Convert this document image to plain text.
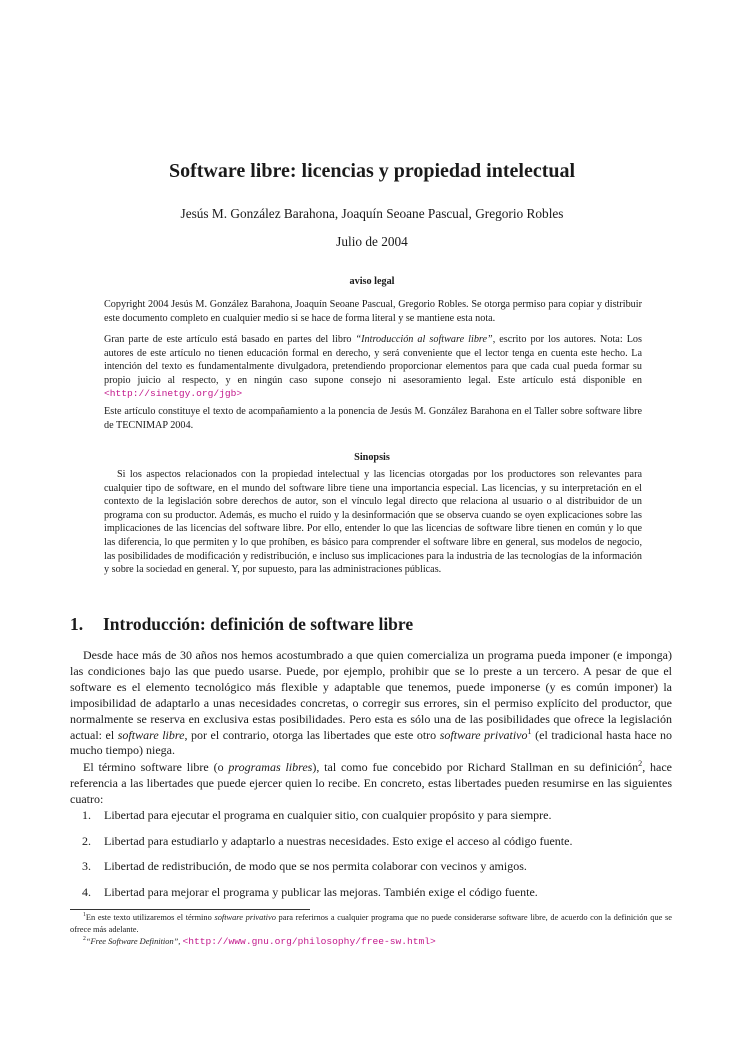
Software libre: licencias y propiedad intelectual
Jesús M. González Barahona, Joaquín Seoane Pascual, Gregorio Robles
Julio de 2004
aviso legal

Copyright 2004 Jesús M. González Barahona, Joaquín Seoane Pascual, Gregorio Robles. Se otorga permiso para copiar y distribuir este documento completo en cualquier medio si se hace de forma literal y se mantiene esta nota.

Gran parte de este artículo está basado en partes del libro “Introducción al software libre”, escrito por los autores. Nota: Los autores de este artículo no tienen educación formal en derecho, y será conveniente que el lector tenga en cuenta este hecho. La intención del texto es fundamentalmente divulgadora, pretendiendo proporcionar elementos para que cada cual pueda formar su propio juicio al respecto, y en ningún caso supone consejo ni asesoramiento legal. Este artículo está disponible en <http://sinetgy.org/jgb>

Este artículo constituye el texto de acompañamiento a la ponencia de Jesús M. González Barahona en el Taller sobre software libre de TECNIMAP 2004.

Sinopsis

Si los aspectos relacionados con la propiedad intelectual y las licencias otorgadas por los productores son relevantes para cualquier tipo de software, en el mundo del software libre tiene una importancia especial. Las licencias, y su interpretación en el contexto de la legislación sobre derechos de autor, son el vínculo legal directo que relaciona al usuario o al distribuidor de un programa con su productor. Además, es mucho el ruido y la desinformación que se observa cuando se oyen explicaciones sobre las implicaciones de las licencias del software libre. Por ello, entender lo que las licencias de software libre tienen en común y lo que las diferencia, lo que permiten y lo que prohíben, es básico para comprender el software libre en general, sus modelos de negocio, las posibilidades de modificación y redistribución, e incluso sus implicaciones para la industria de las tecnologías de la información y sobre la sociedad en general. Y, por supuesto, para las administraciones públicas.

1. Introducción: definición de software libre

Desde hace más de 30 años nos hemos acostumbrado a que quien comercializa un programa pueda imponer (e imponga) las condiciones bajo las que puedo usarse. Puede, por ejemplo, prohibir que se lo preste a un tercero. A pesar de que el software es el elemento tecnológico más flexible y adaptable que tenemos, puede imponerse (y es común imponer) la imposibilidad de adaptarlo a unas necesidades concretas, o corregir sus errores, sin el permiso explícito del productor, que normalmente se reserva en exclusiva estas posibilidades. Pero esta es sólo una de las posibilidades que ofrece la legislación actual: el software libre, por el contrario, otorga las libertades que este otro software privativo$^1$ (el tradicional hasta hace no mucho tiempo) niega.

El término software libre (o programas libres), tal como fue concebido por Richard Stallman en su definición$^2$, hace referencia a las libertades que puede ejercer quien lo recibe. En concreto, estas libertades pueden resumirse en las siguientes cuatro:

1. Libertad para ejecutar el programa en cualquier sitio, con cualquier propósito y para siempre.
2. Libertad para estudiarlo y adaptarlo a nuestras necesidades. Esto exige el acceso al código fuente.
3. Libertad de redistribución, de modo que se nos permita colaborar con vecinos y amigos.
4. Libertad para mejorar el programa y publicar las mejoras. También exige el código fuente.

$^1$En este texto utilizaremos el término software privativo para referirnos a cualquier programa que no puede considerarse software libre, de acuerdo con la definición que se ofrece más adelante.

$^2$“Free Software Definition”, <http://www.gnu.org/philosophy/free-sw.html>
